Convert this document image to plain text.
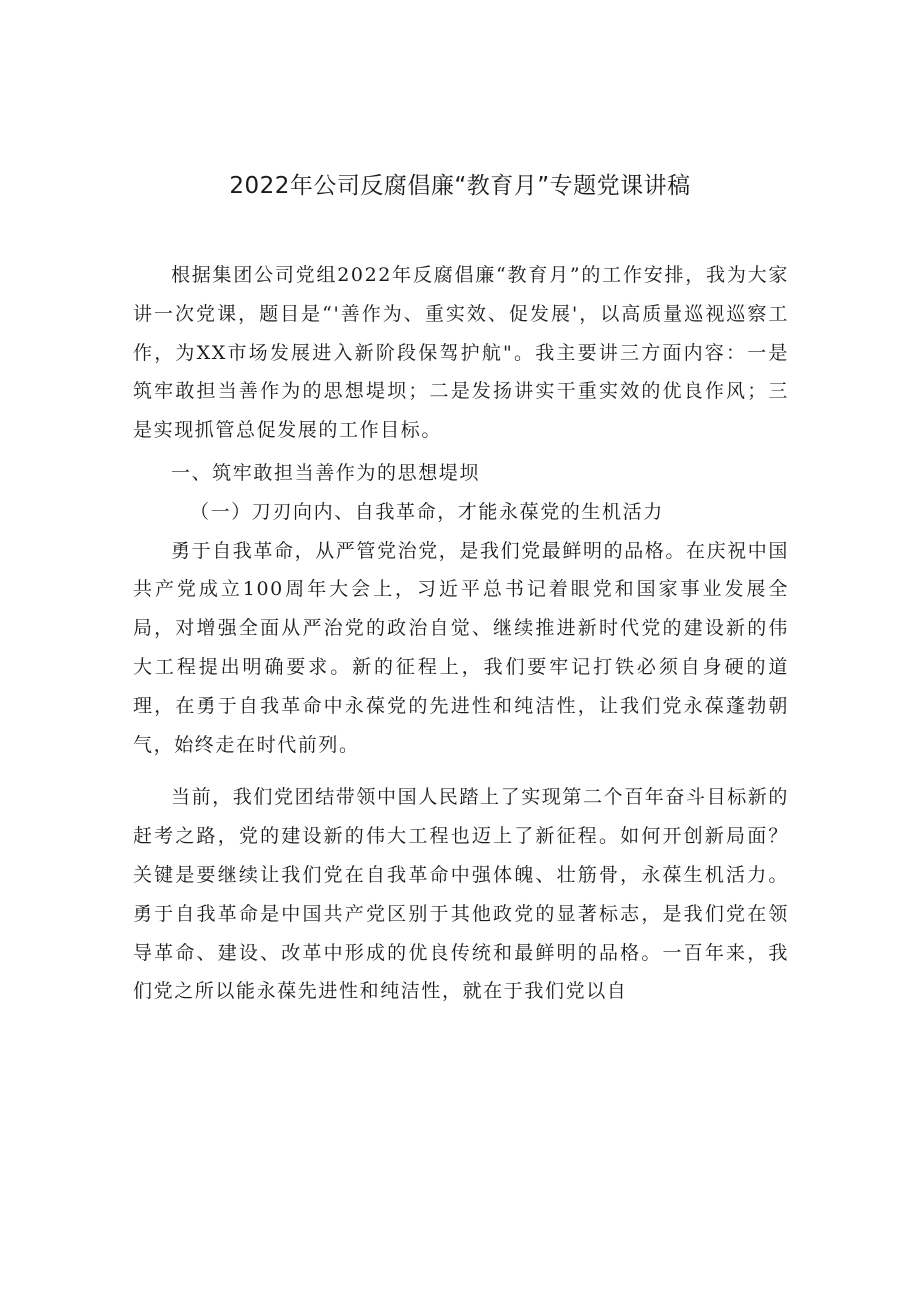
2022年公司反腐倡廉“教育月”专题党课讲稿

根据集团公司党组2022年反腐倡廉“教育月”的工作安排，我为大家讲一次党课，题目是“'善作为、重实效、促发展'，以高质量巡视巡察工作，为XX市场发展进入新阶段保驾护航"。我主要讲三方面内容：一是筑牢敢担当善作为的思想堤坝；二是发扬讲实干重实效的优良作风；三是实现抓管总促发展的工作目标。

一、筑牢敢担当善作为的思想堤坝

（一）刀刃向内、自我革命，才能永葆党的生机活力

勇于自我革命，从严管党治党，是我们党最鲜明的品格。在庆祝中国共产党成立100周年大会上，习近平总书记着眼党和国家事业发展全局，对增强全面从严治党的政治自觉、继续推进新时代党的建设新的伟大工程提出明确要求。新的征程上，我们要牢记打铁必须自身硬的道理，在勇于自我革命中永葆党的先进性和纯洁性，让我们党永葆蓬勃朝气，始终走在时代前列。

当前，我们党团结带领中国人民踏上了实现第二个百年奋斗目标新的赶考之路，党的建设新的伟大工程也迈上了新征程。如何开创新局面？关键是要继续让我们党在自我革命中强体魄、壮筋骨，永葆生机活力。勇于自我革命是中国共产党区别于其他政党的显著标志，是我们党在领导革命、建设、改革中形成的优良传统和最鲜明的品格。一百年来，我们党之所以能永葆先进性和纯洁性，就在于我们党以自
